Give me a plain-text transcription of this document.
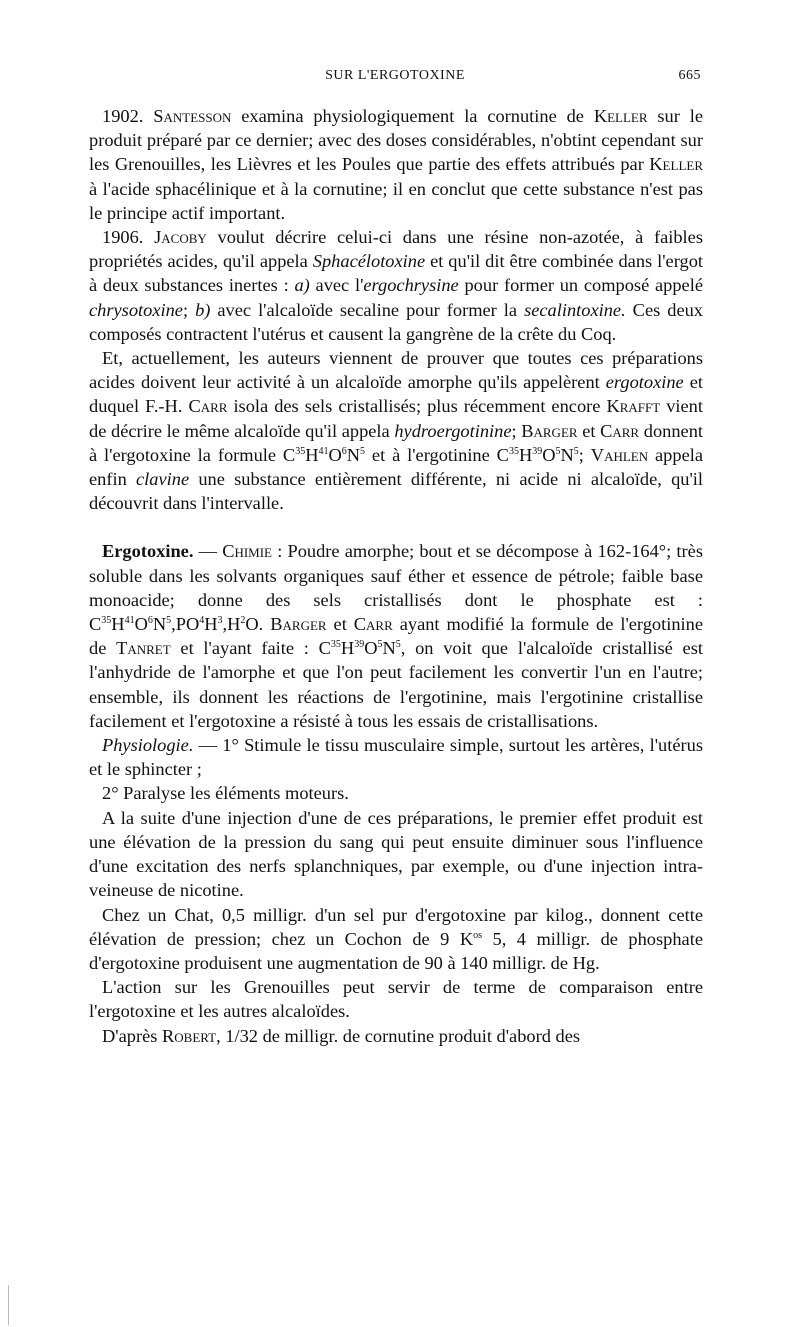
SUR L'ERGOTOXINE	665

1902. Santesson examina physiologiquement la cornutine de Keller sur le produit préparé par ce dernier; avec des doses considérables, n'obtint cependant sur les Grenouilles, les Lièvres et les Poules que partie des effets attribués par Keller à l'acide sphacélinique et à la cornutine; il en conclut que cette substance n'est pas le principe actif important.

1906. Jacoby voulut décrire celui-ci dans une résine non-azotée, à faibles propriétés acides, qu'il appela Sphacélotoxine et qu'il dit être combinée dans l'ergot à deux substances inertes : a) avec l'ergochrysine pour former un composé appelé chrysotoxine; b) avec l'alcaloïde secaline pour former la secalintoxine. Ces deux composés contractent l'utérus et causent la gangrène de la crête du Coq.

Et, actuellement, les auteurs viennent de prouver que toutes ces préparations acides doivent leur activité à un alcaloïde amorphe qu'ils appelèrent ergotoxine et duquel F.-H. Carr isola des sels cristallisés; plus récemment encore Krafft vient de décrire le même alcaloïde qu'il appela hydroergotinine; Barger et Carr donnent à l'ergotoxine la formule $C^{35}H^{41}O^6N^5$ et à l'ergotinine $C^{35}H^{39}O^5N^5$; Vahlen appela enfin clavine une substance entièrement différente, ni acide ni alcaloïde, qu'il découvrit dans l'intervalle.

Ergotoxine. — Chimie : Poudre amorphe; bout et se décompose à 162-164°; très soluble dans les solvants organiques sauf éther et essence de pétrole; faible base monoacide; donne des sels cristallisés dont le phosphate est : $C^{35}H^{41}O^6N^5,PO^4H^3,H^2O$. Barger et Carr ayant modifié la formule de l'ergotinine de Tanret et l'ayant faite : $C^{35}H^{39}O^5N^5$, on voit que l'alcaloïde cristallisé est l'anhydride de l'amorphe et que l'on peut facilement les convertir l'un en l'autre; ensemble, ils donnent les réactions de l'ergotinine, mais l'ergotinine cristallise facilement et l'ergotoxine a résisté à tous les essais de cristallisations.

Physiologie. — 1° Stimule le tissu musculaire simple, surtout les artères, l'utérus et le sphincter ;

2° Paralyse les éléments moteurs.

A la suite d'une injection d'une de ces préparations, le premier effet produit est une élévation de la pression du sang qui peut ensuite diminuer sous l'influence d'une excitation des nerfs splanchniques, par exemple, ou d'une injection intra-veineuse de nicotine.

Chez un Chat, 0,5 milligr. d'un sel pur d'ergotoxine par kilog., donnent cette élévation de pression; chez un Cochon de 9 $K^{os}$ 5, 4 milligr. de phosphate d'ergotoxine produisent une augmentation de 90 à 140 milligr. de Hg.

L'action sur les Grenouilles peut servir de terme de comparaison entre l'ergotoxine et les autres alcaloïdes.

D'après Robert, 1/32 de milligr. de cornutine produit d'abord des
